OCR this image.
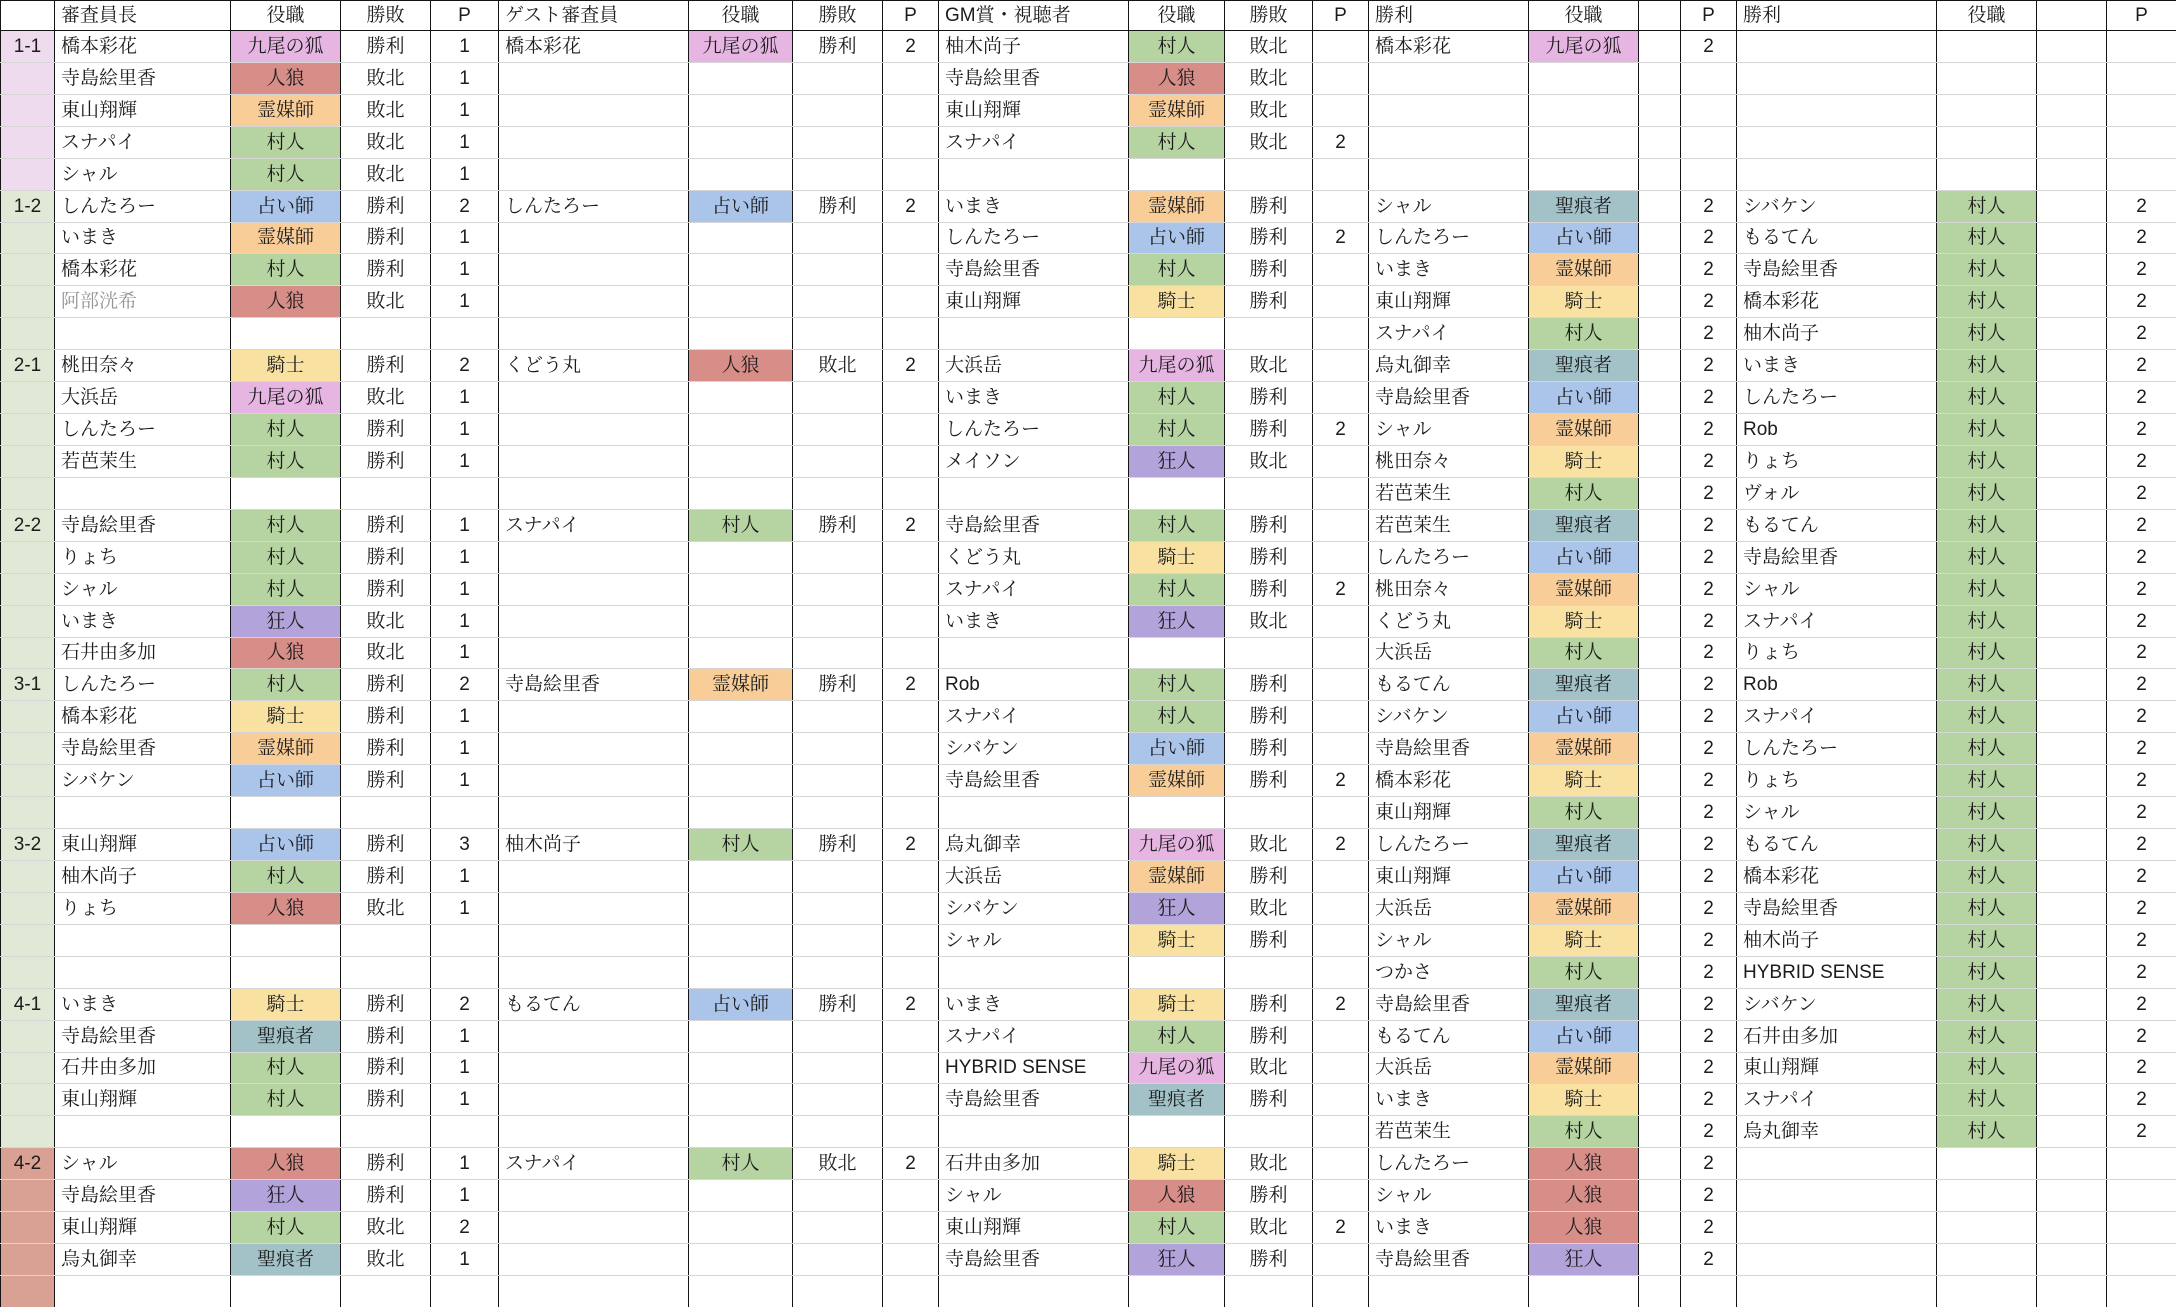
	審査員長	役職	勝敗	P	ゲスト審査員	役職	勝敗	P	GM賞・視聴者	役職	勝敗	P	勝利	役職		P	勝利	役職		P
1-1	橋本彩花	九尾の狐	勝利	1	橋本彩花	九尾の狐	勝利	2	柚木尚子	村人	敗北		橋本彩花	九尾の狐		2				
	寺島絵里香	人狼	敗北	1					寺島絵里香	人狼	敗北									
	東山翔輝	霊媒師	敗北	1					東山翔輝	霊媒師	敗北									
	スナパイ	村人	敗北	1					スナパイ	村人	敗北	2								
	シャル	村人	敗北	1																
1-2	しんたろー	占い師	勝利	2	しんたろー	占い師	勝利	2	いまき	霊媒師	勝利		シャル	聖痕者		2	シバケン	村人		2
	いまき	霊媒師	勝利	1					しんたろー	占い師	勝利	2	しんたろー	占い師		2	もるてん	村人		2
	橋本彩花	村人	勝利	1					寺島絵里香	村人	勝利		いまき	霊媒師		2	寺島絵里香	村人		2
	阿部洸希	人狼	敗北	1					東山翔輝	騎士	勝利		東山翔輝	騎士		2	橋本彩花	村人		2
													スナパイ	村人		2	柚木尚子	村人		2
2-1	桃田奈々	騎士	勝利	2	くどう丸	人狼	敗北	2	大浜岳	九尾の狐	敗北		烏丸御幸	聖痕者		2	いまき	村人		2
	大浜岳	九尾の狐	敗北	1					いまき	村人	勝利		寺島絵里香	占い師		2	しんたろー	村人		2
	しんたろー	村人	勝利	1					しんたろー	村人	勝利	2	シャル	霊媒師		2	Rob	村人		2
	若芭茉生	村人	勝利	1					メイソン	狂人	敗北		桃田奈々	騎士		2	りょち	村人		2
													若芭茉生	村人		2	ヴォル	村人		2
2-2	寺島絵里香	村人	勝利	1	スナパイ	村人	勝利	2	寺島絵里香	村人	勝利		若芭茉生	聖痕者		2	もるてん	村人		2
	りょち	村人	勝利	1					くどう丸	騎士	勝利		しんたろー	占い師		2	寺島絵里香	村人		2
	シャル	村人	勝利	1					スナパイ	村人	勝利	2	桃田奈々	霊媒師		2	シャル	村人		2
	いまき	狂人	敗北	1					いまき	狂人	敗北		くどう丸	騎士		2	スナパイ	村人		2
	石井由多加	人狼	敗北	1									大浜岳	村人		2	りょち	村人		2
3-1	しんたろー	村人	勝利	2	寺島絵里香	霊媒師	勝利	2	Rob	村人	勝利		もるてん	聖痕者		2	Rob	村人		2
	橋本彩花	騎士	勝利	1					スナパイ	村人	勝利		シバケン	占い師		2	スナパイ	村人		2
	寺島絵里香	霊媒師	勝利	1					シバケン	占い師	勝利		寺島絵里香	霊媒師		2	しんたろー	村人		2
	シバケン	占い師	勝利	1					寺島絵里香	霊媒師	勝利	2	橋本彩花	騎士		2	りょち	村人		2
													東山翔輝	村人		2	シャル	村人		2
3-2	東山翔輝	占い師	勝利	3	柚木尚子	村人	勝利	2	烏丸御幸	九尾の狐	敗北	2	しんたろー	聖痕者		2	もるてん	村人		2
	柚木尚子	村人	勝利	1					大浜岳	霊媒師	勝利		東山翔輝	占い師		2	橋本彩花	村人		2
	りょち	人狼	敗北	1					シバケン	狂人	敗北		大浜岳	霊媒師		2	寺島絵里香	村人		2
									シャル	騎士	勝利		シャル	騎士		2	柚木尚子	村人		2
													つかさ	村人		2	HYBRID SENSE	村人		2
4-1	いまき	騎士	勝利	2	もるてん	占い師	勝利	2	いまき	騎士	勝利	2	寺島絵里香	聖痕者		2	シバケン	村人		2
	寺島絵里香	聖痕者	勝利	1					スナパイ	村人	勝利		もるてん	占い師		2	石井由多加	村人		2
	石井由多加	村人	勝利	1					HYBRID SENSE	九尾の狐	敗北		大浜岳	霊媒師		2	東山翔輝	村人		2
	東山翔輝	村人	勝利	1					寺島絵里香	聖痕者	勝利		いまき	騎士		2	スナパイ	村人		2
													若芭茉生	村人		2	烏丸御幸	村人		2
4-2	シャル	人狼	勝利	1	スナパイ	村人	敗北	2	石井由多加	騎士	敗北		しんたろー	人狼		2				
	寺島絵里香	狂人	勝利	1					シャル	人狼	勝利		シャル	人狼		2				
	東山翔輝	村人	敗北	2					東山翔輝	村人	敗北	2	いまき	人狼		2				
	烏丸御幸	聖痕者	敗北	1					寺島絵里香	狂人	勝利		寺島絵里香	狂人		2				
